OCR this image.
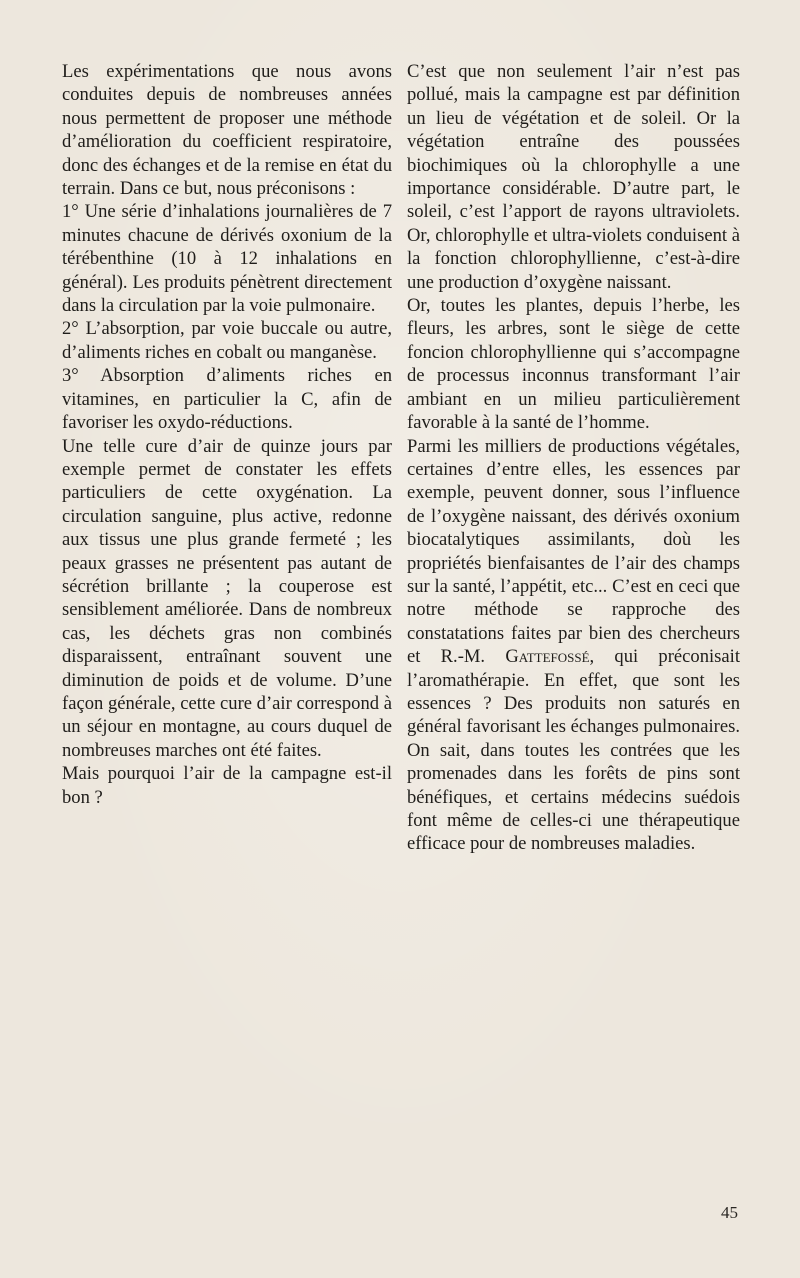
Les expérimentations que nous avons conduites depuis de nombreuses années nous permettent de proposer une méthode d’amélioration du coefficient respiratoire, donc des échanges et de la remise en état du terrain. Dans ce but, nous préconisons :

1° Une série d’inhalations journalières de 7 minutes chacune de dérivés oxonium de la térébenthine (10 à 12 inhalations en général). Les produits pénètrent directement dans la circulation par la voie pulmonaire.

2° L’absorption, par voie buccale ou autre, d’aliments riches en cobalt ou manganèse.

3° Absorption d’aliments riches en vitamines, en particulier la C, afin de favoriser les oxydo-réductions.

Une telle cure d’air de quinze jours par exemple permet de constater les effets particuliers de cette oxygénation. La circulation sanguine, plus active, redonne aux tissus une plus grande fermeté ; les peaux grasses ne présentent pas autant de sécrétion brillante ; la couperose est sensiblement améliorée. Dans de nombreux cas, les déchets gras non combinés disparaissent, entraînant souvent une diminution de poids et de volume. D’une façon générale, cette cure d’air correspond à un séjour en montagne, au cours duquel de nombreuses marches ont été faites.

Mais pourquoi l’air de la campagne est-il bon ?

C’est que non seulement l’air n’est pas pollué, mais la campagne est par définition un lieu de végétation et de soleil. Or la végétation entraîne des poussées biochimiques où la chlorophylle a une importance considérable. D’autre part, le soleil, c’est l’apport de rayons ultraviolets. Or, chlorophylle et ultra-violets conduisent à la fonction chlorophyllienne, c’est-à-dire une production d’oxygène naissant.

Or, toutes les plantes, depuis l’herbe, les fleurs, les arbres, sont le siège de cette foncion chlorophyllienne qui s’accompagne de processus inconnus transformant l’air ambiant en un milieu particulièrement favorable à la santé de l’homme.

Parmi les milliers de productions végétales, certaines d’entre elles, les essences par exemple, peuvent donner, sous l’influence de l’oxygène naissant, des dérivés oxonium biocatalytiques assimilants, doù les propriétés bienfaisantes de l’air des champs sur la santé, l’appétit, etc... C’est en ceci que notre méthode se rapproche des constatations faites par bien des chercheurs et R.-M. Gattefossé, qui préconisait l’aromathérapie. En effet, que sont les essences ? Des produits non saturés en général favorisant les échanges pulmonaires. On sait, dans toutes les contrées que les promenades dans les forêts de pins sont bénéfiques, et certains médecins suédois font même de celles-ci une thérapeutique efficace pour de nombreuses maladies.

45
